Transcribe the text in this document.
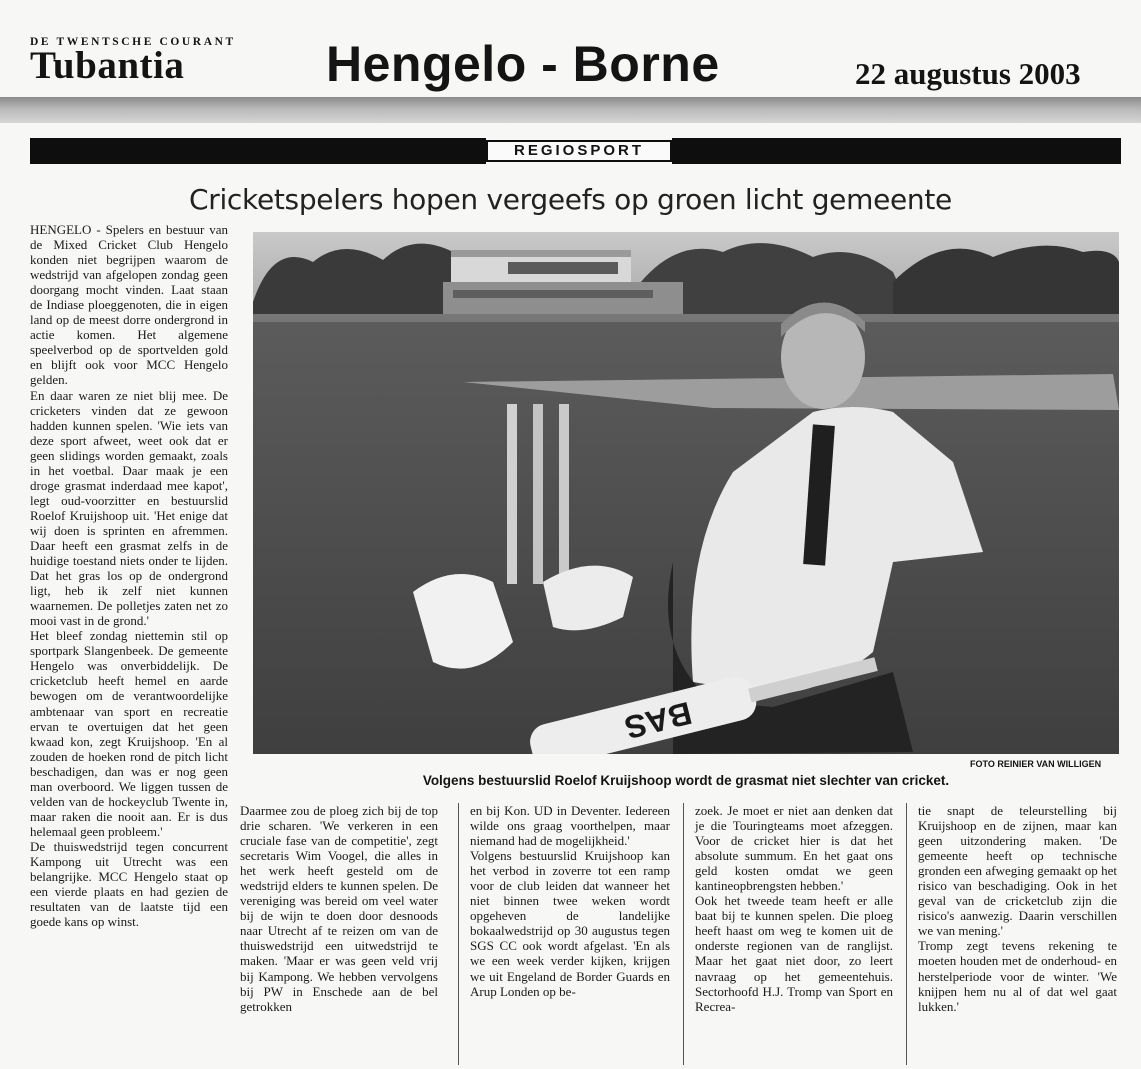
DE TWENTSCHE COURANT
Tubantia	Hengelo - Borne	22 augustus 2003
REGIOSPORT
Cricketspelers hopen vergeefs op groen licht gemeente
BAS
FOTO REINIER VAN WILLIGEN
Volgens bestuurslid Roelof Kruijshoop wordt de grasmat niet slechter van cricket.

HENGELO - Spelers en bestuur van de Mixed Cricket Club Hengelo konden niet begrijpen waarom de wedstrijd van afgelopen zondag geen doorgang mocht vinden. Laat staan de Indiase ploeggenoten, die in eigen land op de meest dorre ondergrond in actie komen. Het algemene speelverbod op de sportvelden gold en blijft ook voor MCC Hengelo gelden.

En daar waren ze niet blij mee. De cricketers vinden dat ze gewoon hadden kunnen spelen. 'Wie iets van deze sport afweet, weet ook dat er geen slidings worden gemaakt, zoals in het voetbal. Daar maak je een droge grasmat inderdaad mee kapot', legt oud-voorzitter en bestuurslid Roelof Kruijshoop uit. 'Het enige dat wij doen is sprinten en afremmen. Daar heeft een grasmat zelfs in de huidige toestand niets onder te lijden. Dat het gras los op de ondergrond ligt, heb ik zelf niet kunnen waarnemen. De polletjes zaten net zo mooi vast in de grond.'

Het bleef zondag niettemin stil op sportpark Slangenbeek. De gemeente Hengelo was onverbiddelijk. De cricketclub heeft hemel en aarde bewogen om de verantwoordelijke ambtenaar van sport en recreatie ervan te overtuigen dat het geen kwaad kon, zegt Kruijshoop. 'En al zouden de hoeken rond de pitch licht beschadigen, dan was er nog geen man overboord. We liggen tussen de velden van de hockeyclub Twente in, maar raken die nooit aan. Er is dus helemaal geen probleem.'

De thuiswedstrijd tegen concurrent Kampong uit Utrecht was een belangrijke. MCC Hengelo staat op een vierde plaats en had gezien de resultaten van de laatste tijd een goede kans op winst.

Daarmee zou de ploeg zich bij de top drie scharen. 'We verkeren in een cruciale fase van de competitie', zegt secretaris Wim Voogel, die alles in het werk heeft gesteld om de wedstrijd elders te kunnen spelen. De vereniging was bereid om veel water bij de wijn te doen door desnoods naar Utrecht af te reizen om van de thuiswedstrijd een uitwedstrijd te maken. 'Maar er was geen veld vrij bij Kampong. We hebben vervolgens bij PW in Enschede aan de bel getrokken

en bij Kon. UD in Deventer. Iedereen wilde ons graag voorthelpen, maar niemand had de mogelijkheid.'

Volgens bestuurslid Kruijshoop kan het verbod in zoverre tot een ramp voor de club leiden dat wanneer het niet binnen twee weken wordt opgeheven de landelijke bokaalwedstrijd op 30 augustus tegen SGS CC ook wordt afgelast. 'En als we een week verder kijken, krijgen we uit Engeland de Border Guards en Arup Londen op be-

zoek. Je moet er niet aan denken dat je die Touringteams moet afzeggen. Voor de cricket hier is dat het absolute summum. En het gaat ons geld kosten omdat we geen kantineopbrengsten hebben.'

Ook het tweede team heeft er alle baat bij te kunnen spelen. Die ploeg heeft haast om weg te komen uit de onderste regionen van de ranglijst. Maar het gaat niet door, zo leert navraag op het gemeentehuis. Sectorhoofd H.J. Tromp van Sport en Recrea-

tie snapt de teleurstelling bij Kruijshoop en de zijnen, maar kan geen uitzondering maken. 'De gemeente heeft op technische gronden een afweging gemaakt op het risico van beschadiging. Ook in het geval van de cricketclub zijn die risico's aanwezig. Daarin verschillen we van mening.'

Tromp zegt tevens rekening te moeten houden met de onderhoud- en herstelperiode voor de winter. 'We knijpen hem nu al of dat wel gaat lukken.'
